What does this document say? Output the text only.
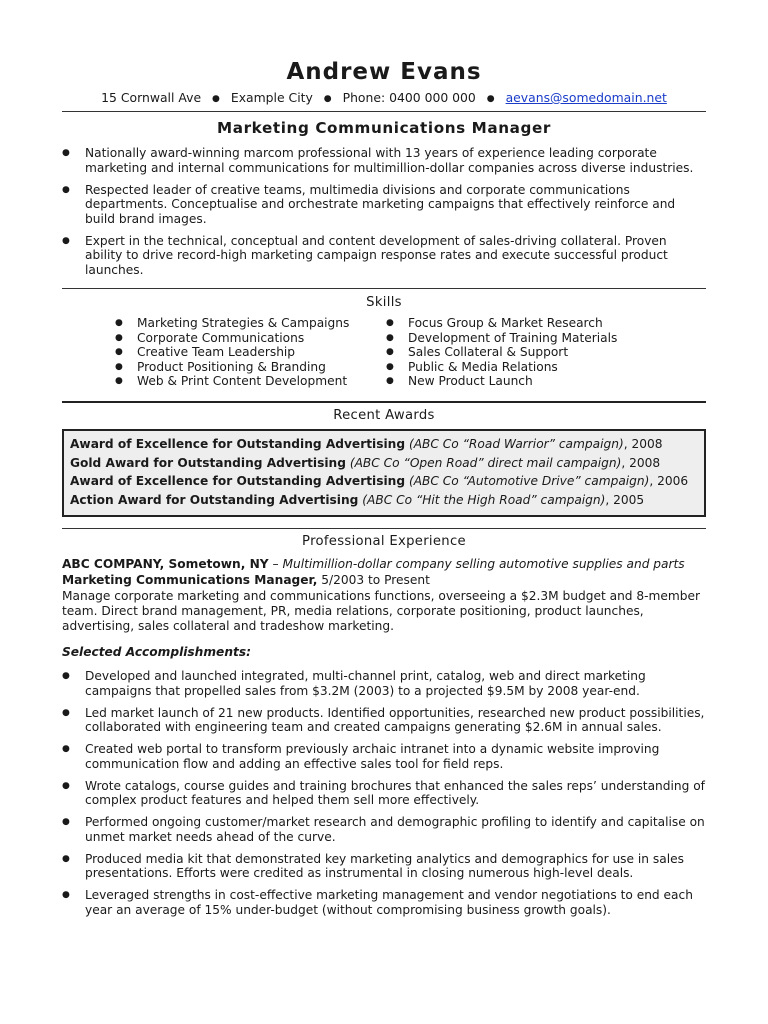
Andrew Evans
15 Cornwall Ave ● Example City ● Phone: 0400 000 000 ● aevans@somedomain.net
Marketing Communications Manager
● Nationally award-winning marcom professional with 13 years of experience leading corporate marketing and internal communications for multimillion-dollar companies across diverse industries.
● Respected leader of creative teams, multimedia divisions and corporate communications departments. Conceptualise and orchestrate marketing campaigns that effectively reinforce and build brand images.
● Expert in the technical, conceptual and content development of sales-driving collateral. Proven ability to drive record-high marketing campaign response rates and execute successful product launches.
Skills
● Marketing Strategies & Campaigns
● Corporate Communications
● Creative Team Leadership
● Product Positioning & Branding
● Web & Print Content Development
● Focus Group & Market Research
● Development of Training Materials
● Sales Collateral & Support
● Public & Media Relations
● New Product Launch
Recent Awards
Award of Excellence for Outstanding Advertising (ABC Co “Road Warrior” campaign), 2008
Gold Award for Outstanding Advertising (ABC Co “Open Road” direct mail campaign), 2008
Award of Excellence for Outstanding Advertising (ABC Co “Automotive Drive” campaign), 2006
Action Award for Outstanding Advertising (ABC Co “Hit the High Road” campaign), 2005
Professional Experience
ABC COMPANY, Sometown, NY – Multimillion-dollar company selling automotive supplies and parts
Marketing Communications Manager, 5/2003 to Present
Manage corporate marketing and communications functions, overseeing a $2.3M budget and 8-member team. Direct brand management, PR, media relations, corporate positioning, product launches, advertising, sales collateral and tradeshow marketing.
Selected Accomplishments:
● Developed and launched integrated, multi-channel print, catalog, web and direct marketing campaigns that propelled sales from $3.2M (2003) to a projected $9.5M by 2008 year-end.
● Led market launch of 21 new products. Identified opportunities, researched new product possibilities, collaborated with engineering team and created campaigns generating $2.6M in annual sales.
● Created web portal to transform previously archaic intranet into a dynamic website improving communication flow and adding an effective sales tool for field reps.
● Wrote catalogs, course guides and training brochures that enhanced the sales reps’ understanding of complex product features and helped them sell more effectively.
● Performed ongoing customer/market research and demographic profiling to identify and capitalise on unmet market needs ahead of the curve.
● Produced media kit that demonstrated key marketing analytics and demographics for use in sales presentations. Efforts were credited as instrumental in closing numerous high-level deals.
● Leveraged strengths in cost-effective marketing management and vendor negotiations to end each year an average of 15% under-budget (without compromising business growth goals).
